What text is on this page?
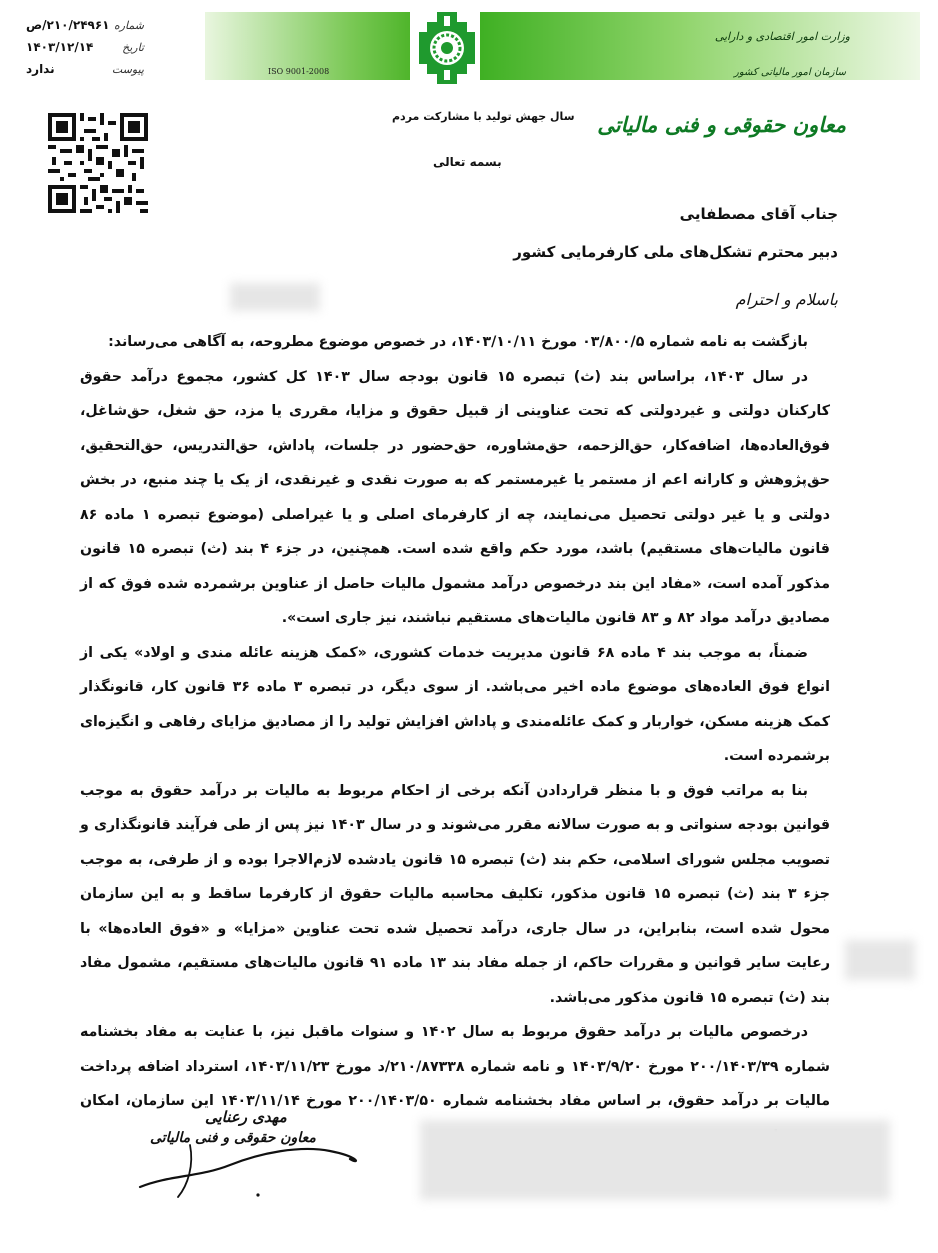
ISO 9001-2008
وزارت امور اقتصادی و دارایی
سازمان امور مالیاتی کشور
معاون حقوقی و فنی مالیاتی
شماره
۲۱۰/۲۴۹۶۱/ص
تاریخ
۱۴۰۳/۱۲/۱۴
پیوست
ندارد
سال جهش تولید با مشارکت مردم
بسمه تعالی
جناب آقای مصطفایی
دبیر محترم تشکل‌های ملی کارفرمایی کشور
باسلام و احترام

بازگشت به نامه شماره ۰۳/۸۰۰/۵ مورخ ۱۴۰۳/۱۰/۱۱، در خصوص موضوع مطروحه، به آگاهی می‌رساند:

در سال ۱۴۰۳، براساس بند (ث) تبصره ۱۵ قانون بودجه سال ۱۴۰۳ کل کشور، مجموع درآمد حقوق کارکنان دولتی و غیردولتی که تحت عناوینی از قبیل حقوق و مزایا، مقرری یا مزد، حق شغل، حق‌شاغل، فوق‌العاده‌ها، اضافه‌کار، حق‌الزحمه، حق‌مشاوره، حق‌حضور در جلسات، پاداش، حق‌التدریس، حق‌التحقیق، حق‌پژوهش و کارانه اعم از مستمر یا غیرمستمر که به صورت نقدی و غیرنقدی، از یک یا چند منبع، در بخش دولتی و یا غیر دولتی تحصیل می‌نمایند، چه از کارفرمای اصلی و یا غیراصلی (موضوع تبصره ۱ ماده ۸۶ قانون مالیات‌های مستقیم) باشد، مورد حکم واقع شده است. همچنین، در جزء ۴ بند (ث) تبصره ۱۵ قانون مذکور آمده است، «مفاد این بند درخصوص درآمد مشمول مالیات حاصل از عناوین برشمرده شده فوق که از مصادیق درآمد مواد ۸۲ و ۸۳ قانون مالیات‌های مستقیم نباشند، نیز جاری است».

ضمناً، به موجب بند ۴ ماده ۶۸ قانون مدیریت خدمات کشوری، «کمک هزینه عائله مندی و اولاد» یکی از انواع فوق العاده‌های موضوع ماده اخیر می‌باشد. از سوی دیگر، در تبصره ۳ ماده ۳۶ قانون کار، قانونگذار کمک هزینه مسکن، خواربار و کمک عائله‌مندی و پاداش افزایش تولید را از مصادیق مزایای رفاهی و انگیزه‌ای برشمرده است.

بنا به مراتب فوق و با منظر قراردادن آنکه برخی از احکام مربوط به مالیات بر درآمد حقوق به موجب قوانین بودجه سنواتی و به صورت سالانه مقرر می‌شوند و در سال ۱۴۰۳ نیز پس از طی فرآیند قانونگذاری و تصویب مجلس شورای اسلامی، حکم بند (ث) تبصره ۱۵ قانون یادشده لازم‌الاجرا بوده و از طرفی، به موجب جزء ۳ بند (ث) تبصره ۱۵ قانون مذکور، تکلیف محاسبه مالیات حقوق از کارفرما ساقط و به این سازمان محول شده است، بنابراین، در سال جاری، درآمد تحصیل شده تحت عناوین «مزایا» و «فوق العاده‌ها» با رعایت سایر قوانین و مقررات حاکم، از جمله مفاد بند ۱۳ ماده ۹۱ قانون مالیات‌های مستقیم، مشمول مفاد بند (ث) تبصره ۱۵ قانون مذکور می‌باشد.

درخصوص مالیات بر درآمد حقوق مربوط به سال ۱۴۰۲ و سنوات ماقبل نیز، با عنایت به مفاد بخشنامه شماره ۲۰۰/۱۴۰۳/۳۹ مورخ ۱۴۰۳/۹/۲۰ و نامه شماره ۲۱۰/۸۷۳۳۸/د مورخ ۱۴۰۳/۱۱/۲۳، استرداد اضافه پرداخت مالیات بر درآمد حقوق، بر اساس مفاد بخشنامه شماره ۲۰۰/۱۴۰۳/۵۰ مورخ ۱۴۰۳/۱۱/۱۴ این سازمان، امکان

مهدی رعنایی
معاون حقوقی و فنی مالیاتی
